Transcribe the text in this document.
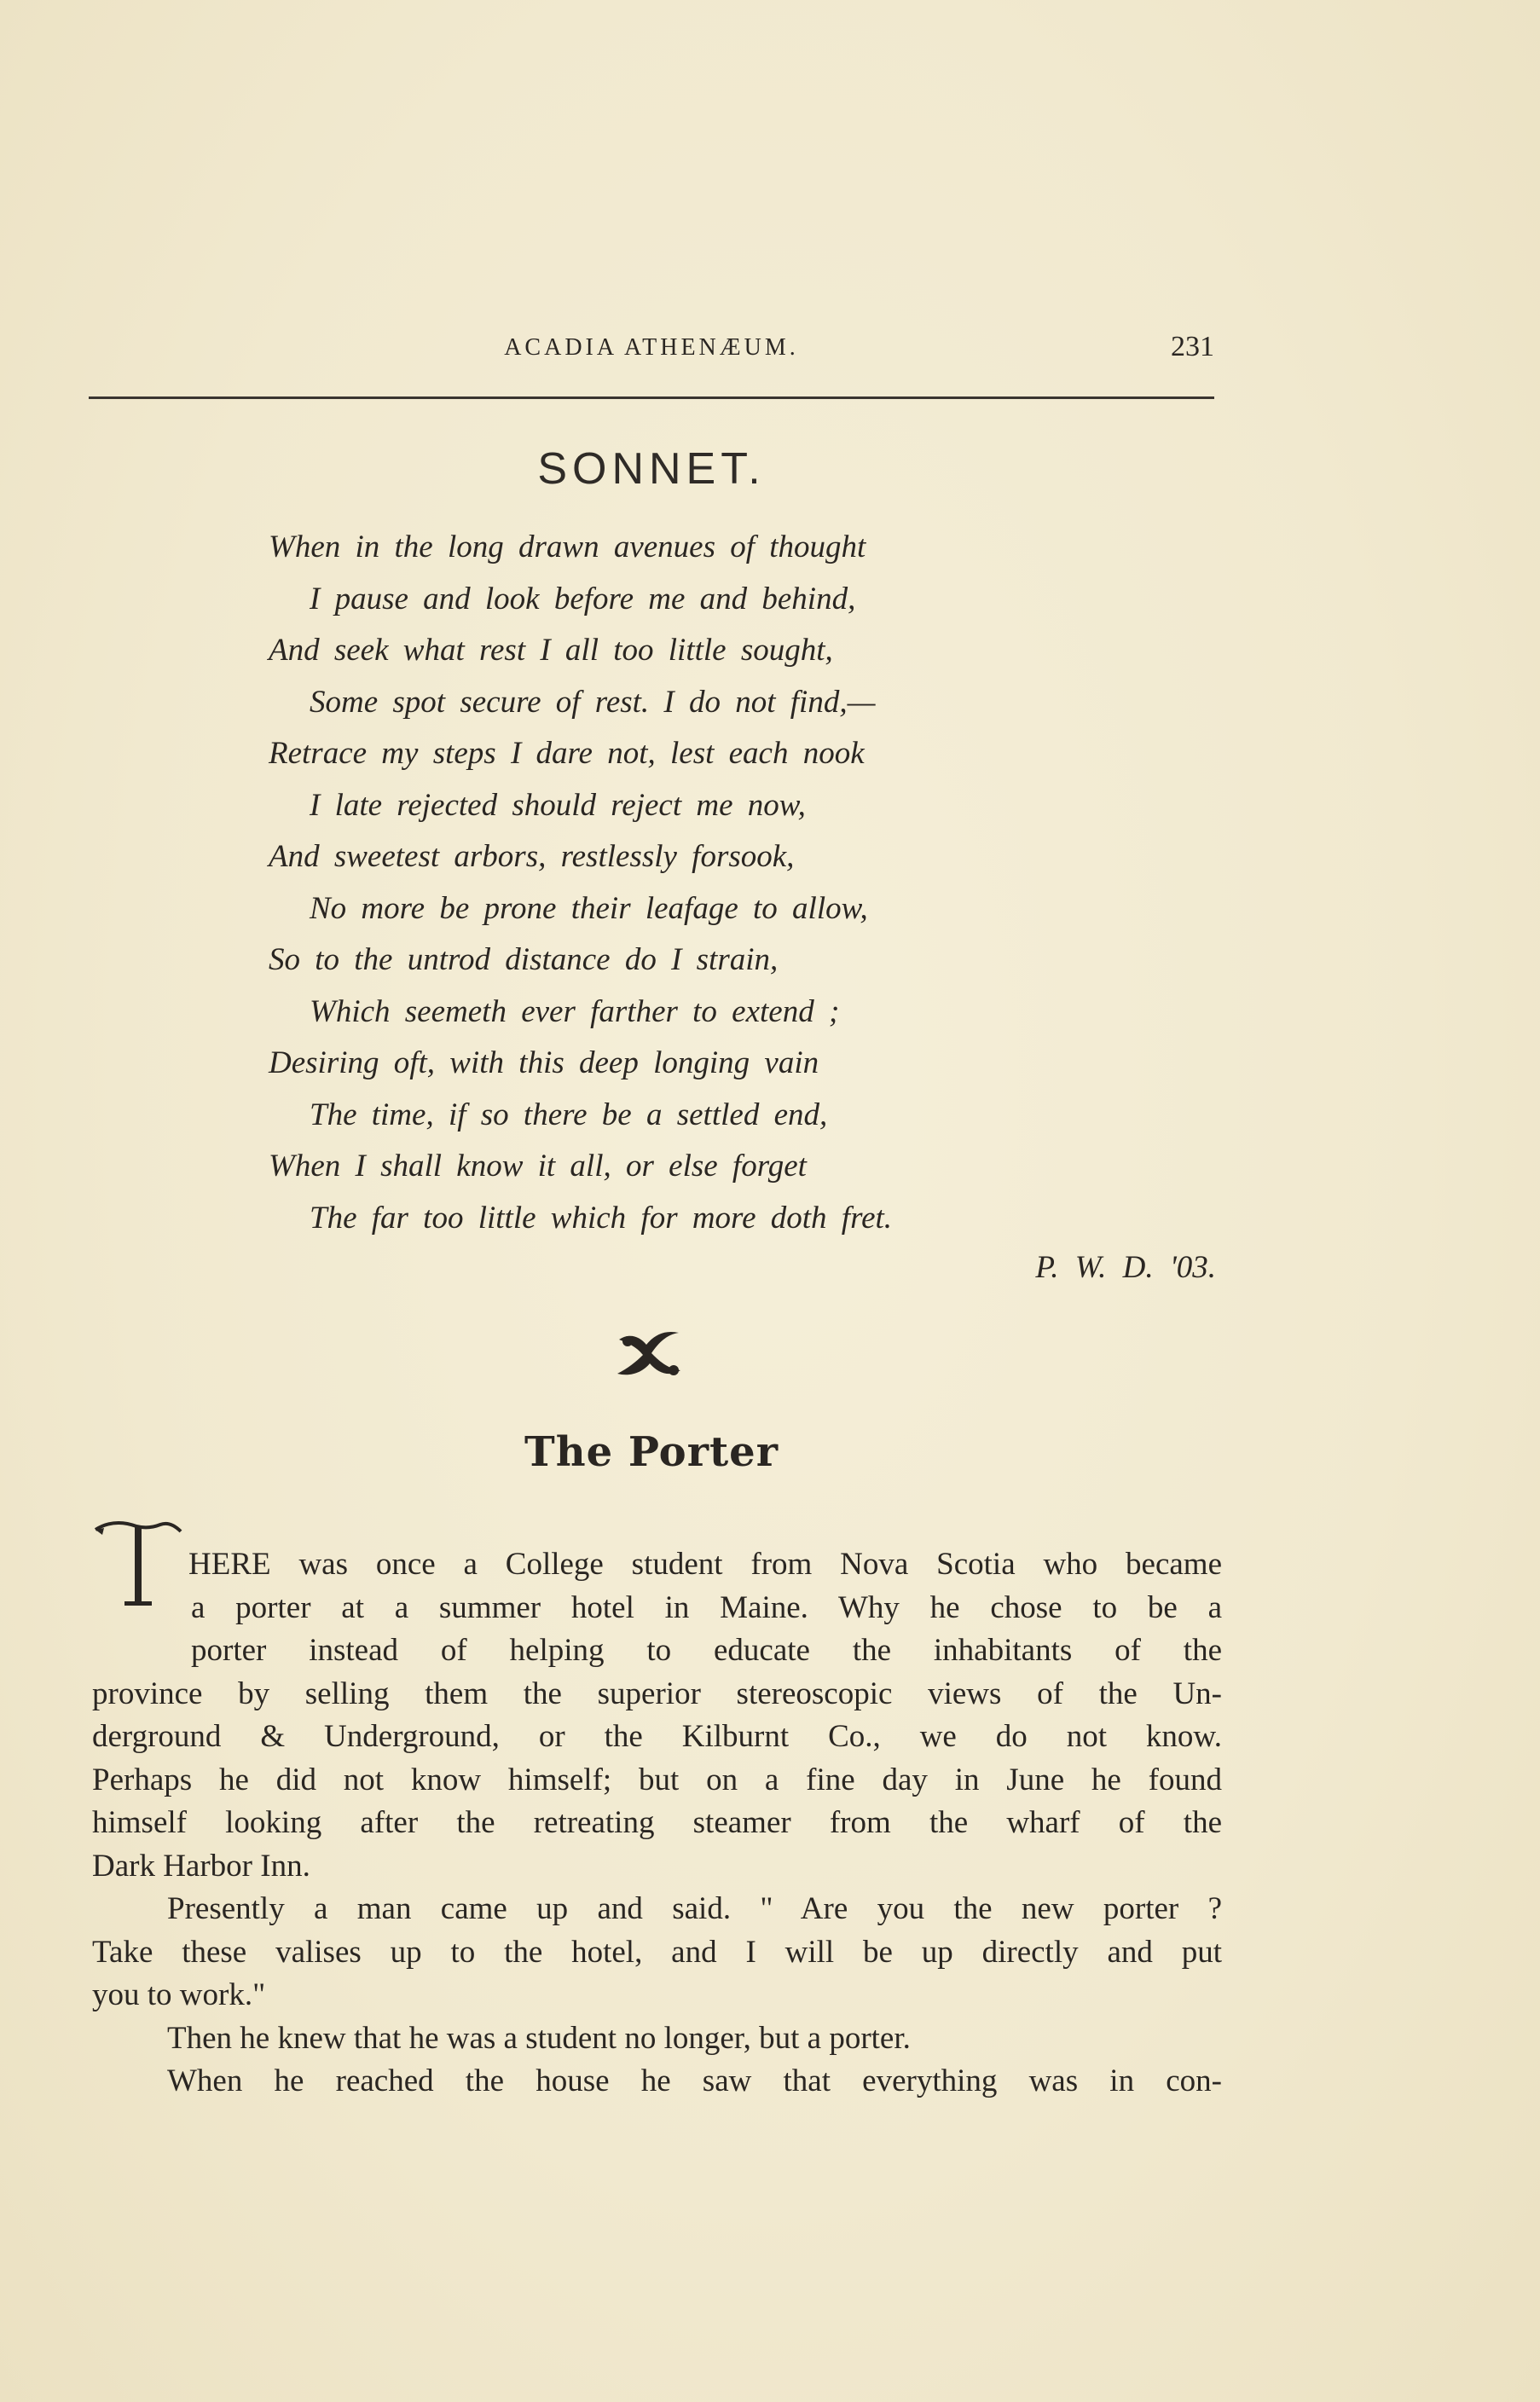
ACADIA ATHENÆUM.	231
SONNET.
When in the long drawn avenues of thought
I pause and look before me and behind,
And seek what rest I all too little sought,
Some spot secure of rest. I do not find,—
Retrace my steps I dare not, lest each nook
I late rejected should reject me now,
And sweetest arbors, restlessly forsook,
No more be prone their leafage to allow,
So to the untrod distance do I strain,
Which seemeth ever farther to extend ;
Desiring oft, with this deep longing vain
The time, if so there be a settled end,
When I shall know it all, or else forget
The far too little which for more doth fret.
P. W. D. '03.
The Porter
HERE was once a College student from Nova Scotia who became
a porter at a summer hotel in Maine. Why he chose to be a
porter instead of helping to educate the inhabitants of the
province by selling them the superior stereoscopic views of the Un-
derground & Underground, or the Kilburnt Co., we do not know.
Perhaps he did not know himself; but on a fine day in June he found
himself looking after the retreating steamer from the wharf of the
Dark Harbor Inn.
Presently a man came up and said. " Are you the new porter ?
Take these valises up to the hotel, and I will be up directly and put
you to work."
Then he knew that he was a student no longer, but a porter.
When he reached the house he saw that everything was in con-
